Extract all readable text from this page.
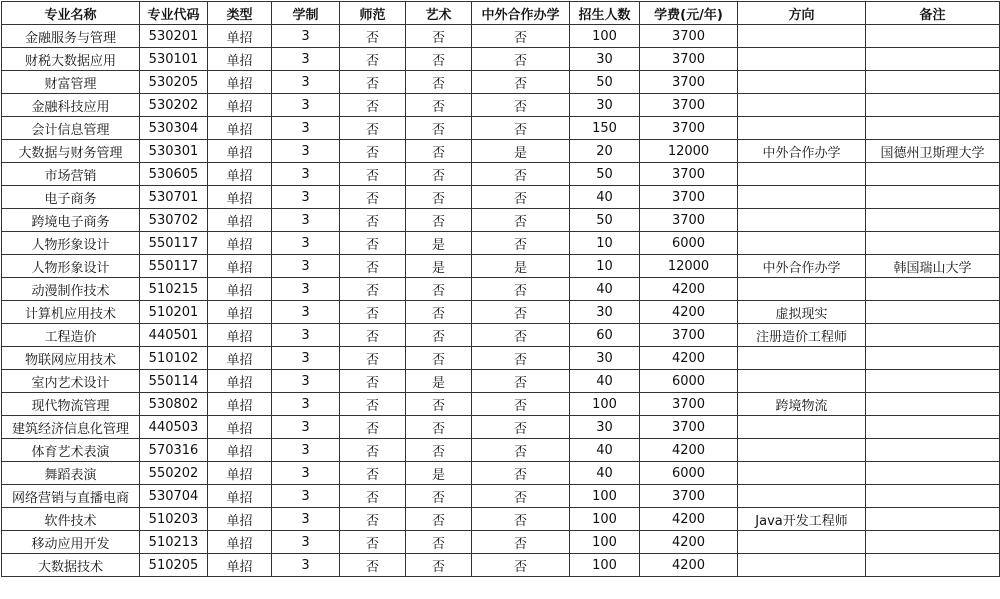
专业名称	专业代码	类型	学制	师范	艺术	中外合作办学	招生人数	学费(元/年)	方向	备注
金融服务与管理	530201	单招	3	否	否	否	100	3700		
财税大数据应用	530101	单招	3	否	否	否	30	3700		
财富管理	530205	单招	3	否	否	否	50	3700		
金融科技应用	530202	单招	3	否	否	否	30	3700		
会计信息管理	530304	单招	3	否	否	否	150	3700		
大数据与财务管理	530301	单招	3	否	否	是	20	12000	中外合作办学	国德州卫斯理大学
市场营销	530605	单招	3	否	否	否	50	3700		
电子商务	530701	单招	3	否	否	否	40	3700		
跨境电子商务	530702	单招	3	否	否	否	50	3700		
人物形象设计	550117	单招	3	否	是	否	10	6000		
人物形象设计	550117	单招	3	否	是	是	10	12000	中外合作办学	韩国瑞山大学
动漫制作技术	510215	单招	3	否	否	否	40	4200		
计算机应用技术	510201	单招	3	否	否	否	30	4200	虚拟现实	
工程造价	440501	单招	3	否	否	否	60	3700	注册造价工程师	
物联网应用技术	510102	单招	3	否	否	否	30	4200		
室内艺术设计	550114	单招	3	否	是	否	40	6000		
现代物流管理	530802	单招	3	否	否	否	100	3700	跨境物流	
建筑经济信息化管理	440503	单招	3	否	否	否	30	3700		
体育艺术表演	570316	单招	3	否	否	否	40	4200		
舞蹈表演	550202	单招	3	否	是	否	40	6000		
网络营销与直播电商	530704	单招	3	否	否	否	100	3700		
软件技术	510203	单招	3	否	否	否	100	4200	Java开发工程师	
移动应用开发	510213	单招	3	否	否	否	100	4200		
大数据技术	510205	单招	3	否	否	否	100	4200		
